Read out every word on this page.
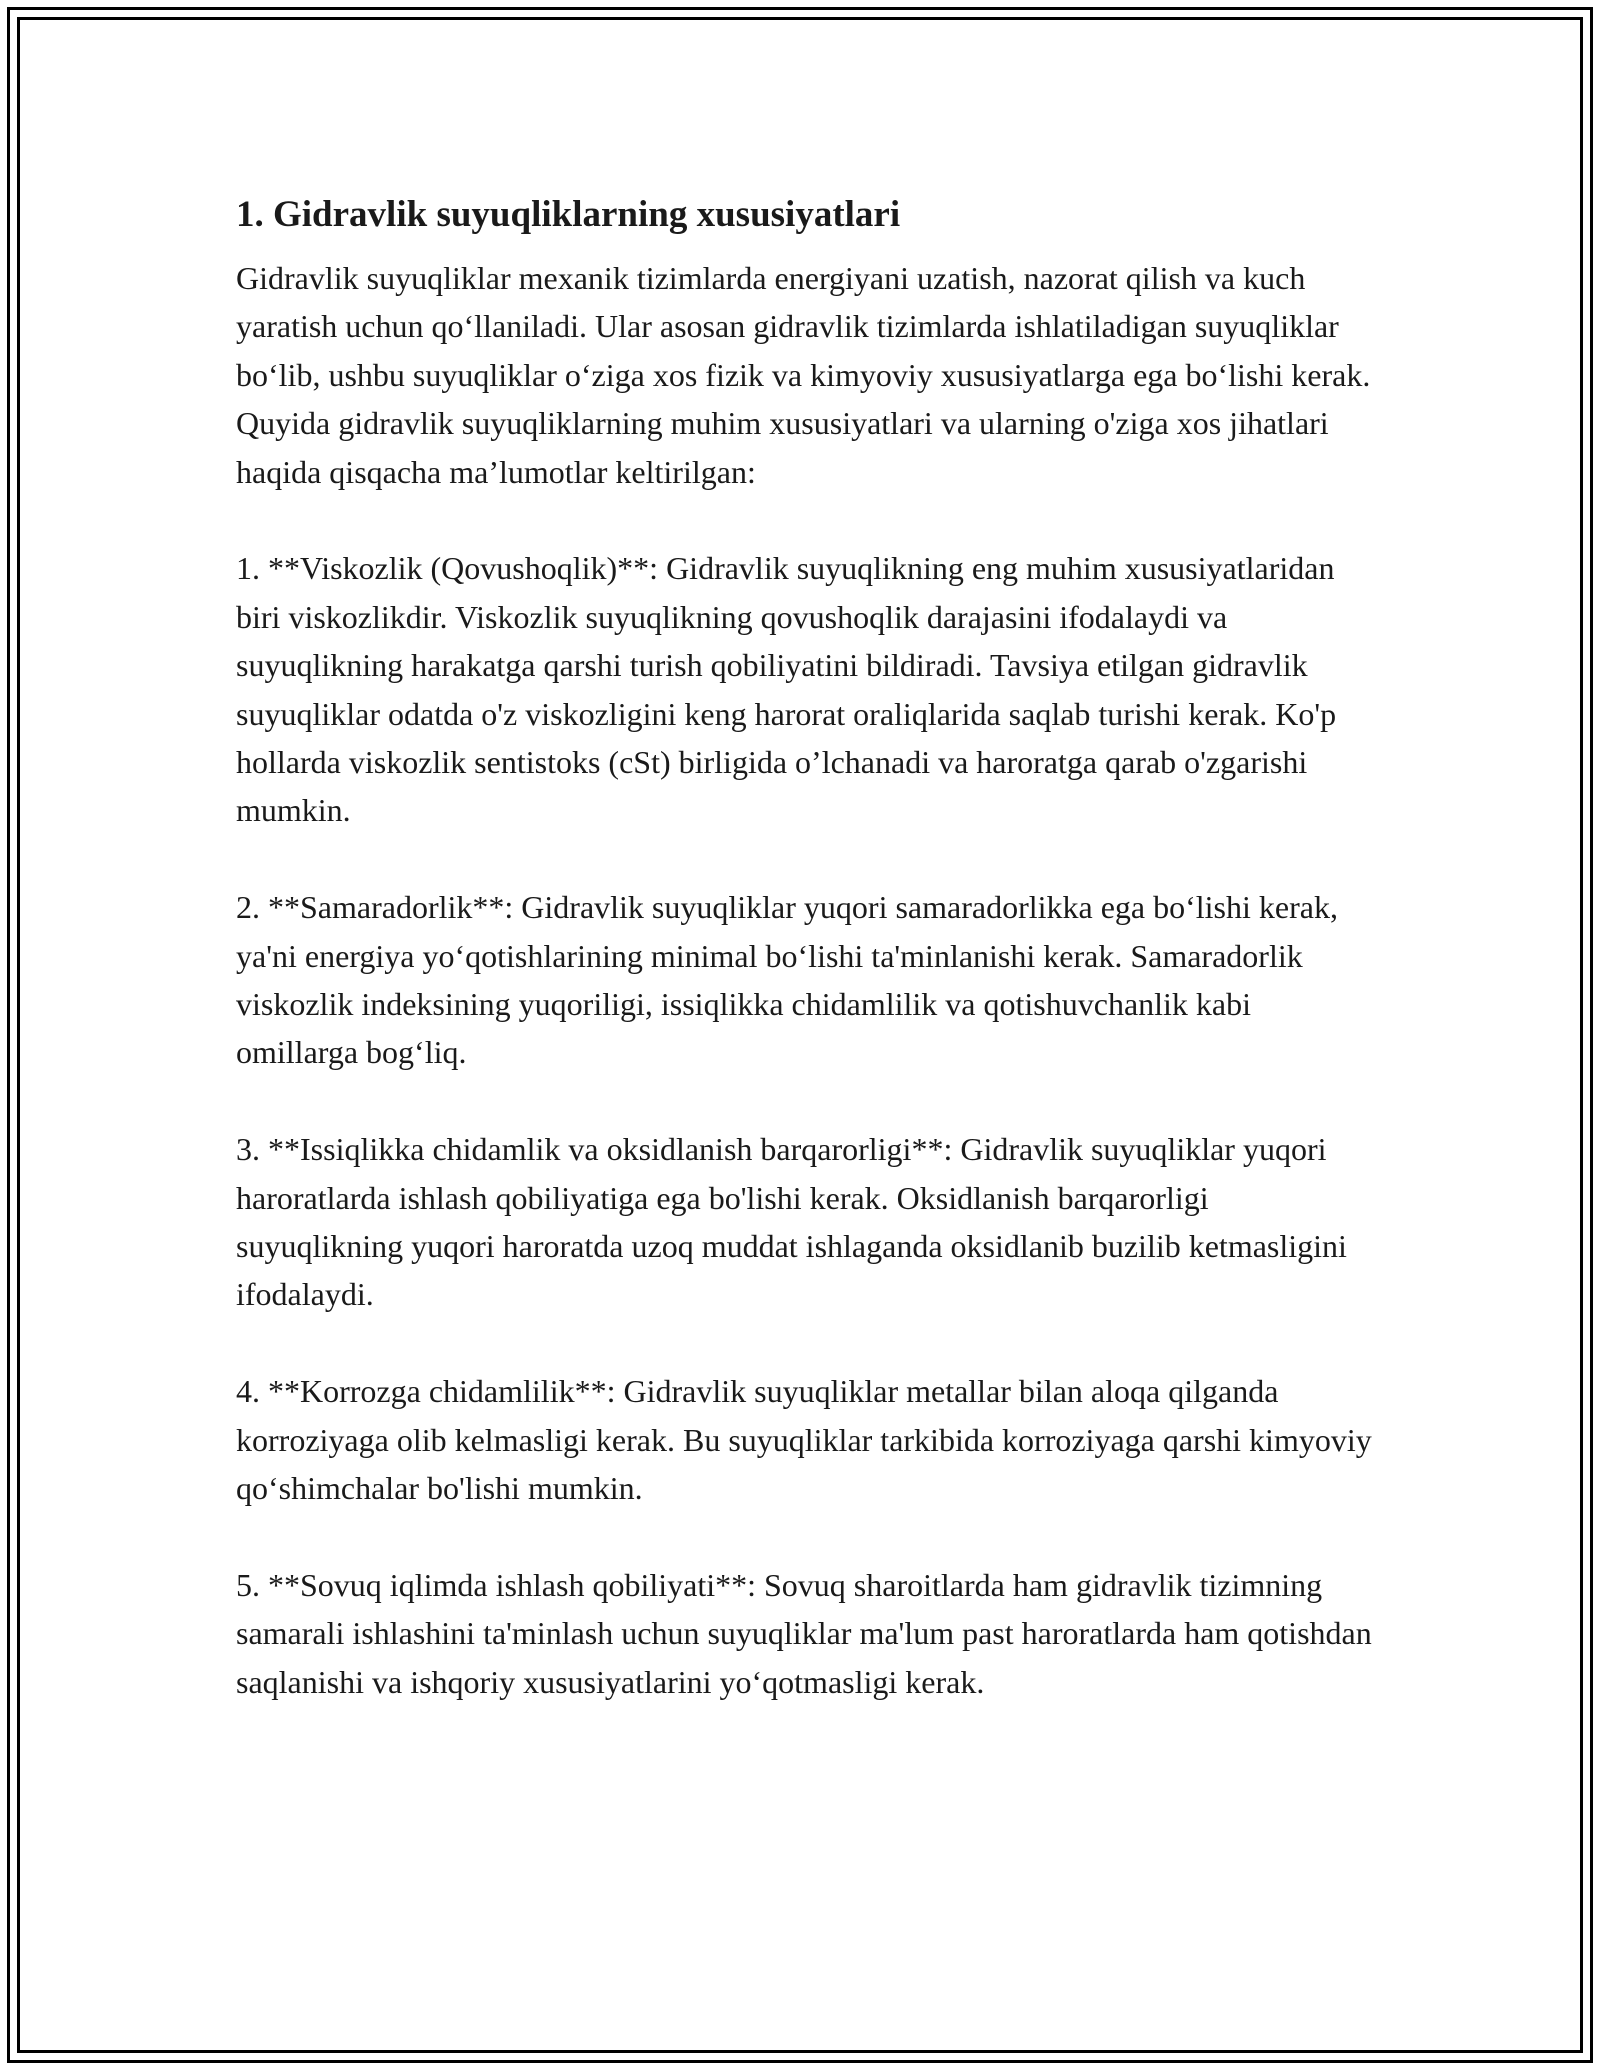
1. Gidravlik suyuqliklarning xususiyatlari

Gidravlik suyuqliklar mexanik tizimlarda energiyani uzatish, nazorat qilish va kuch yaratish uchun qo‘llaniladi. Ular asosan gidravlik tizimlarda ishlatiladigan suyuqliklar bo‘lib, ushbu suyuqliklar o‘ziga xos fizik va kimyoviy xususiyatlarga ega bo‘lishi kerak. Quyida gidravlik suyuqliklarning muhim xususiyatlari va ularning o'ziga xos jihatlari haqida qisqacha ma’lumotlar keltirilgan:

1. **Viskozlik (Qovushoqlik)**: Gidravlik suyuqlikning eng muhim xususiyatlaridan biri viskozlikdir. Viskozlik suyuqlikning qovushoqlik darajasini ifodalaydi va suyuqlikning harakatga qarshi turish qobiliyatini bildiradi. Tavsiya etilgan gidravlik suyuqliklar odatda o'z viskozligini keng harorat oraliqlarida saqlab turishi kerak. Ko'p hollarda viskozlik sentistoks (cSt) birligida o’lchanadi va haroratga qarab o'zgarishi mumkin.

2. **Samaradorlik**: Gidravlik suyuqliklar yuqori samaradorlikka ega bo‘lishi kerak, ya'ni energiya yo‘qotishlarining minimal bo‘lishi ta'minlanishi kerak. Samaradorlik viskozlik indeksining yuqoriligi, issiqlikka chidamlilik va qotishuvchanlik kabi omillarga bog‘liq.

3. **Issiqlikka chidamlik va oksidlanish barqarorligi**: Gidravlik suyuqliklar yuqori haroratlarda ishlash qobiliyatiga ega bo'lishi kerak. Oksidlanish barqarorligi suyuqlikning yuqori haroratda uzoq muddat ishlaganda oksidlanib buzilib ketmasligini ifodalaydi.

4. **Korrozga chidamlilik**: Gidravlik suyuqliklar metallar bilan aloqa qilganda korroziyaga olib kelmasligi kerak. Bu suyuqliklar tarkibida korroziyaga qarshi kimyoviy qo‘shimchalar bo'lishi mumkin.

5. **Sovuq iqlimda ishlash qobiliyati**: Sovuq sharoitlarda ham gidravlik tizimning samarali ishlashini ta'minlash uchun suyuqliklar ma'lum past haroratlarda ham qotishdan saqlanishi va ishqoriy xususiyatlarini yo‘qotmasligi kerak.
